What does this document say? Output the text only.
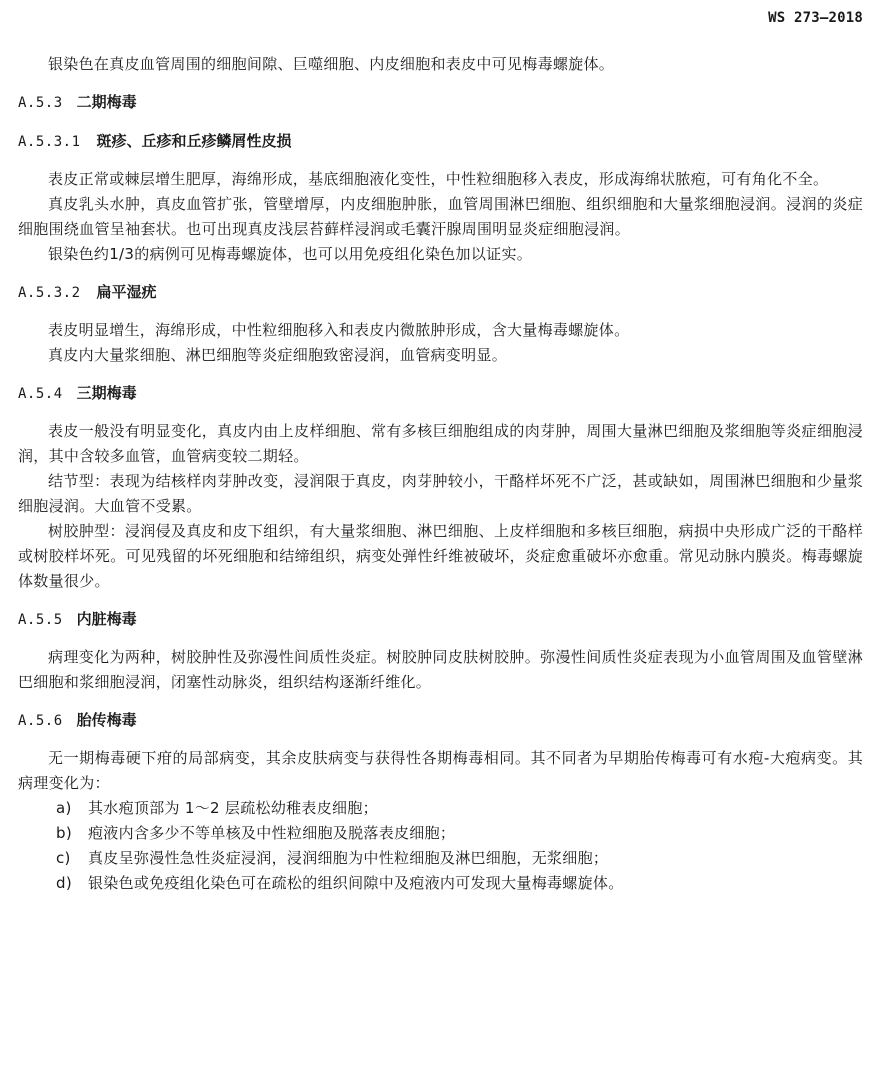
WS 273—2018

银染色在真皮血管周围的细胞间隙、巨噬细胞、内皮细胞和表皮中可见梅毒螺旋体。

A.5.3 二期梅毒

A.5.3.1 斑疹、丘疹和丘疹鳞屑性皮损

表皮正常或棘层增生肥厚，海绵形成，基底细胞液化变性，中性粒细胞移入表皮，形成海绵状脓疱，可有角化不全。

真皮乳头水肿，真皮血管扩张，管壁增厚，内皮细胞肿胀，血管周围淋巴细胞、组织细胞和大量浆细胞浸润。浸润的炎症细胞围绕血管呈袖套状。也可出现真皮浅层苔藓样浸润或毛囊汗腺周围明显炎症细胞浸润。

银染色约1/3的病例可见梅毒螺旋体，也可以用免疫组化染色加以证实。

A.5.3.2 扁平湿疣

表皮明显增生，海绵形成，中性粒细胞移入和表皮内微脓肿形成，含大量梅毒螺旋体。

真皮内大量浆细胞、淋巴细胞等炎症细胞致密浸润，血管病变明显。

A.5.4 三期梅毒

表皮一般没有明显变化，真皮内由上皮样细胞、常有多核巨细胞组成的肉芽肿，周围大量淋巴细胞及浆细胞等炎症细胞浸润，其中含较多血管，血管病变较二期轻。

结节型：表现为结核样肉芽肿改变，浸润限于真皮，肉芽肿较小，干酪样坏死不广泛，甚或缺如，周围淋巴细胞和少量浆细胞浸润。大血管不受累。

树胶肿型：浸润侵及真皮和皮下组织，有大量浆细胞、淋巴细胞、上皮样细胞和多核巨细胞，病损中央形成广泛的干酪样或树胶样坏死。可见残留的坏死细胞和结缔组织，病变处弹性纤维被破坏，炎症愈重破坏亦愈重。常见动脉内膜炎。梅毒螺旋体数量很少。

A.5.5 内脏梅毒

病理变化为两种，树胶肿性及弥漫性间质性炎症。树胶肿同皮肤树胶肿。弥漫性间质性炎症表现为小血管周围及血管壁淋巴细胞和浆细胞浸润，闭塞性动脉炎，组织结构逐渐纤维化。

A.5.6 胎传梅毒

无一期梅毒硬下疳的局部病变，其余皮肤病变与获得性各期梅毒相同。其不同者为早期胎传梅毒可有水疱-大疱病变。其病理变化为：

a)	其水疱顶部为 1～2 层疏松幼稚表皮细胞；

b)	疱液内含多少不等单核及中性粒细胞及脱落表皮细胞；

c)	真皮呈弥漫性急性炎症浸润，浸润细胞为中性粒细胞及淋巴细胞，无浆细胞；

d)	银染色或免疫组化染色可在疏松的组织间隙中及疱液内可发现大量梅毒螺旋体。
